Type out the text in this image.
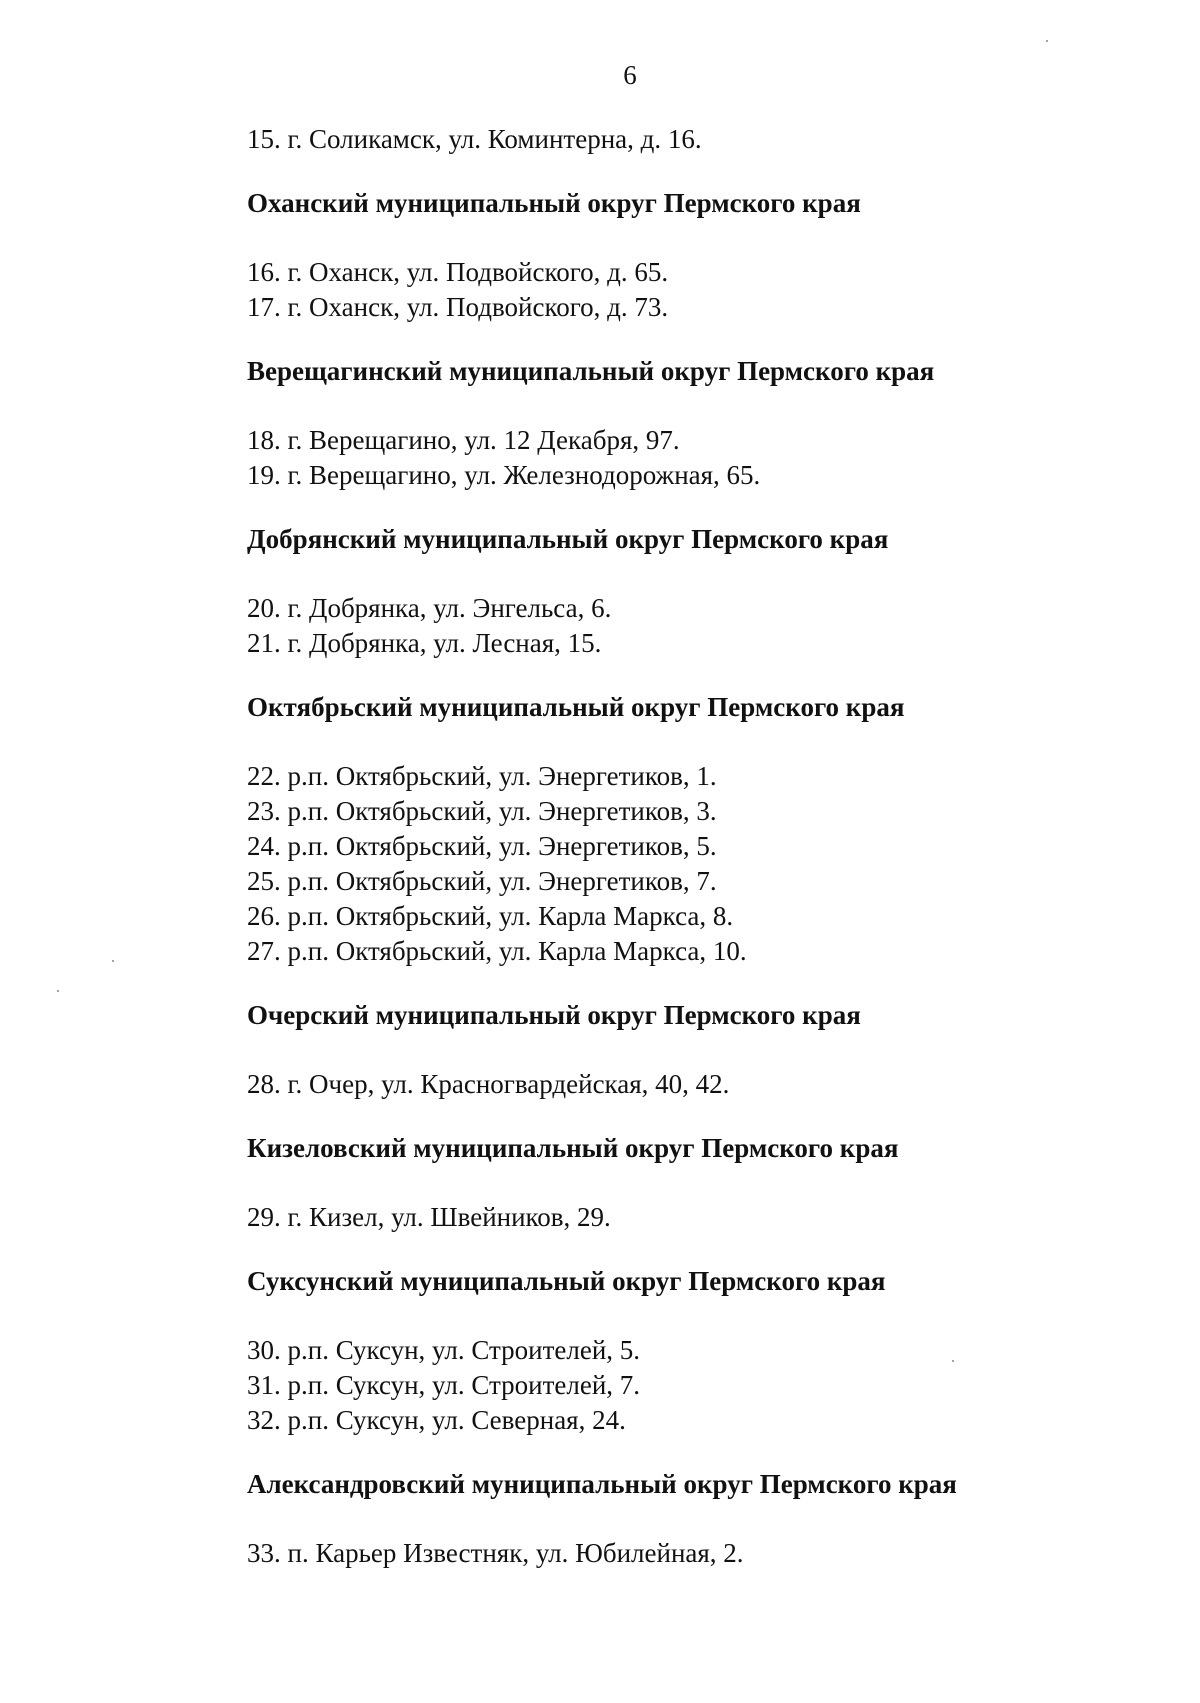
6
15. г. Соликамск, ул. Коминтерна, д. 16.
Оханский муниципальный округ Пермского края
16. г. Оханск, ул. Подвойского, д. 65.
17. г. Оханск, ул. Подвойского, д. 73.
Верещагинский муниципальный округ Пермского края
18. г. Верещагино, ул. 12 Декабря, 97.
19. г. Верещагино, ул. Железнодорожная, 65.
Добрянский муниципальный округ Пермского края
20. г. Добрянка, ул. Энгельса, 6.
21. г. Добрянка, ул. Лесная, 15.
Октябрьский муниципальный округ Пермского края
22. р.п. Октябрьский, ул. Энергетиков, 1.
23. р.п. Октябрьский, ул. Энергетиков, 3.
24. р.п. Октябрьский, ул. Энергетиков, 5.
25. р.п. Октябрьский, ул. Энергетиков, 7.
26. р.п. Октябрьский, ул. Карла Маркса, 8.
27. р.п. Октябрьский, ул. Карла Маркса, 10.
Очерский муниципальный округ Пермского края
28. г. Очер, ул. Красногвардейская, 40, 42.
Кизеловский муниципальный округ Пермского края
29. г. Кизел, ул. Швейников, 29.
Суксунский муниципальный округ Пермского края
30. р.п. Суксун, ул. Строителей, 5.
31. р.п. Суксун, ул. Строителей, 7.
32. р.п. Суксун, ул. Северная, 24.
Александровский муниципальный округ Пермского края
33. п. Карьер Известняк, ул. Юбилейная, 2.
